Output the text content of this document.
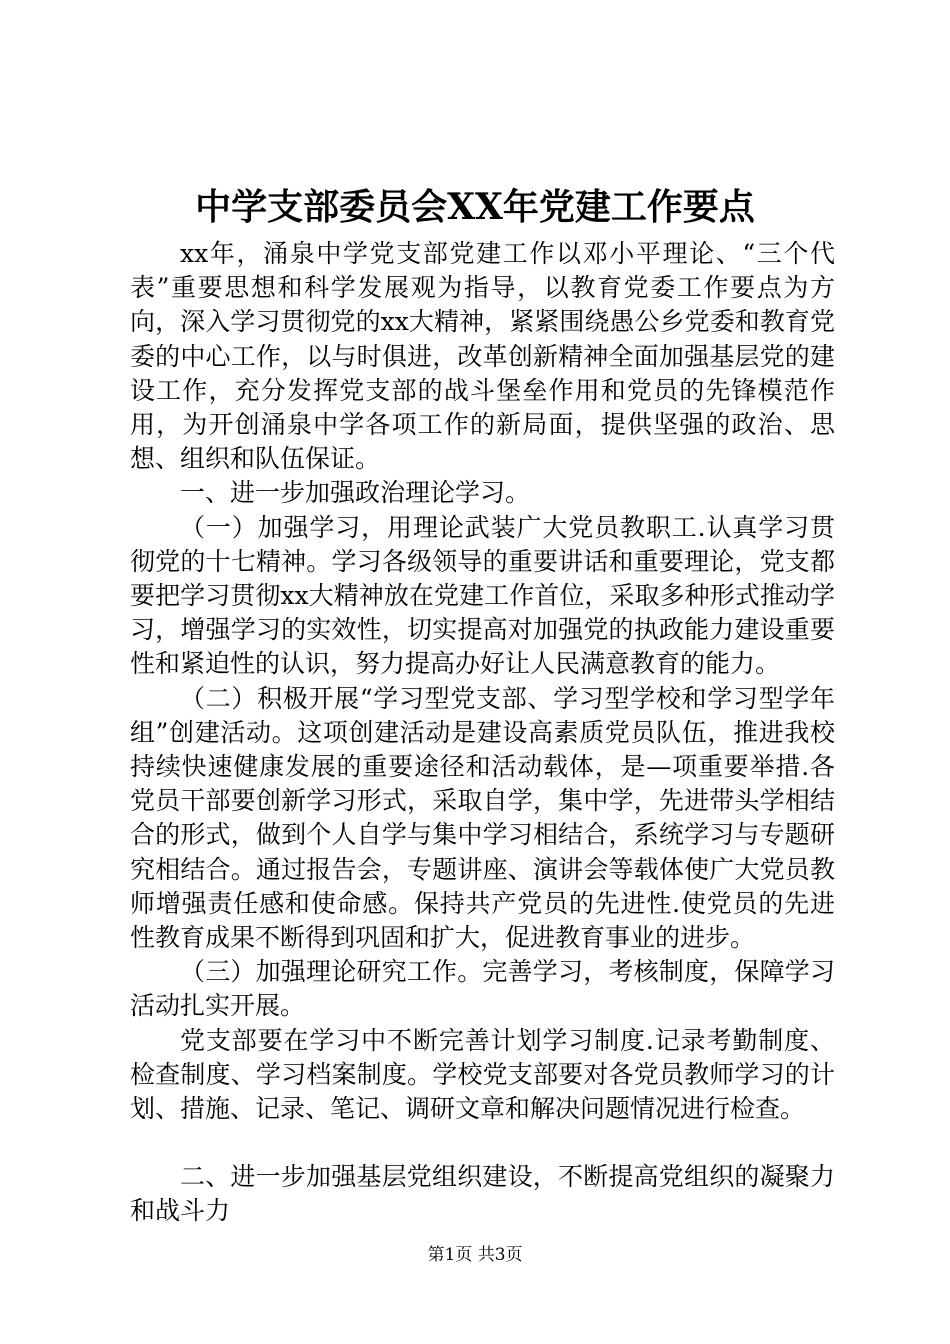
中学支部委员会XX年党建工作要点

xx年，涌泉中学党支部党建工作以邓小平理论、“三个代表”重要思想和科学发展观为指导，以教育党委工作要点为方向，深入学习贯彻党的xx大精神，紧紧围绕愚公乡党委和教育党委的中心工作，以与时俱进，改革创新精神全面加强基层党的建设工作，充分发挥党支部的战斗堡垒作用和党员的先锋模范作用，为开创涌泉中学各项工作的新局面，提供坚强的政治、思想、组织和队伍保证。

一、进一步加强政治理论学习。

（一）加强学习，用理论武装广大党员教职工.认真学习贯彻党的十七精神。学习各级领导的重要讲话和重要理论，党支都要把学习贯彻xx大精神放在党建工作首位，采取多种形式推动学习，增强学习的实效性，切实提高对加强党的执政能力建设重要性和紧迫性的认识，努力提高办好让人民满意教育的能力。

（二）积极开展“学习型党支部、学习型学校和学习型学年组”创建活动。这项创建活动是建设高素质党员队伍，推进我校持续快速健康发展的重要途径和活动载体，是—项重要举措.各党员干部要创新学习形式，采取自学，集中学，先进带头学相结合的形式，做到个人自学与集中学习相结合，系统学习与专题研究相结合。通过报告会，专题讲座、演讲会等载体使广大党员教师增强责任感和使命感。保持共产党员的先进性.使党员的先进性教育成果不断得到巩固和扩大，促进教育事业的进步。

（三）加强理论研究工作。完善学习，考核制度，保障学习活动扎实开展。

党支部要在学习中不断完善计划学习制度.记录考勤制度、检查制度、学习档案制度。学校党支部要对各党员教师学习的计划、措施、记录、笔记、调研文章和解决问题情况进行检查。

二、进一步加强基层党组织建设，不断提高党组织的凝聚力和战斗力

第1页 共3页
